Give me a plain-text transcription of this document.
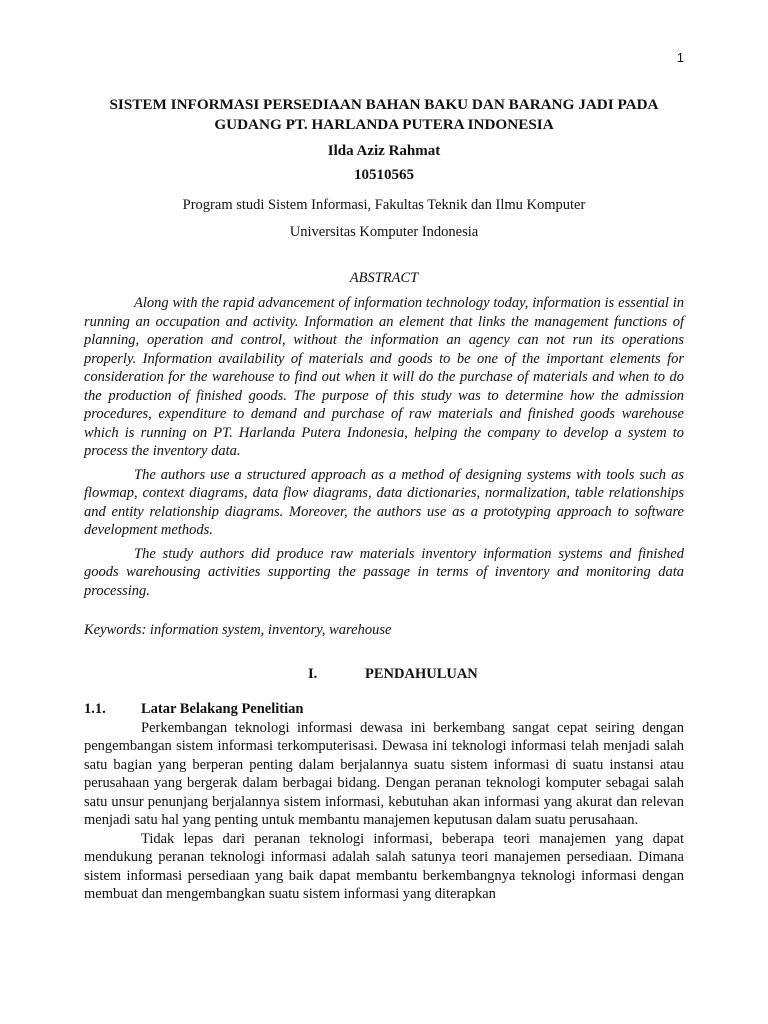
1
SISTEM INFORMASI PERSEDIAAN BAHAN BAKU DAN BARANG JADI PADA GUDANG PT. HARLANDA PUTERA INDONESIA

Ilda Aziz Rahmat

10510565

Program studi Sistem Informasi, Fakultas Teknik dan Ilmu Komputer

Universitas Komputer Indonesia

ABSTRACT

Along with the rapid advancement of information technology today, information is essential in running an occupation and activity. Information an element that links the management functions of planning, operation and control, without the information an agency can not run its operations properly. Information availability of materials and goods to be one of the important elements for consideration for the warehouse to find out when it will do the purchase of materials and when to do the production of finished goods. The purpose of this study was to determine how the admission procedures, expenditure to demand and purchase of raw materials and finished goods warehouse which is running on PT. Harlanda Putera Indonesia, helping the company to develop a system to process the inventory data.

The authors use a structured approach as a method of designing systems with tools such as flowmap, context diagrams, data flow diagrams, data dictionaries, normalization, table relationships and entity relationship diagrams. Moreover, the authors use as a prototyping approach to software development methods.

The study authors did produce raw materials inventory information systems and finished goods warehousing activities supporting the passage in terms of inventory and monitoring data processing.

Keywords: information system, inventory, warehouse

I.	PENDAHULUAN
1.1.	Latar Belakang Penelitian

Perkembangan teknologi informasi dewasa ini berkembang sangat cepat seiring dengan pengembangan sistem informasi terkomputerisasi. Dewasa ini teknologi informasi telah menjadi salah satu bagian yang berperan penting dalam berjalannya suatu sistem informasi di suatu instansi atau perusahaan yang bergerak dalam berbagai bidang. Dengan peranan teknologi komputer sebagai salah satu unsur penunjang berjalannya sistem informasi, kebutuhan akan informasi yang akurat dan relevan menjadi satu hal yang penting untuk membantu manajemen keputusan dalam suatu perusahaan.

Tidak lepas dari peranan teknologi informasi, beberapa teori manajemen yang dapat mendukung peranan teknologi informasi adalah salah satunya teori manajemen persediaan. Dimana sistem informasi persediaan yang baik dapat membantu berkembangnya teknologi informasi dengan membuat dan mengembangkan suatu sistem informasi yang diterapkan
